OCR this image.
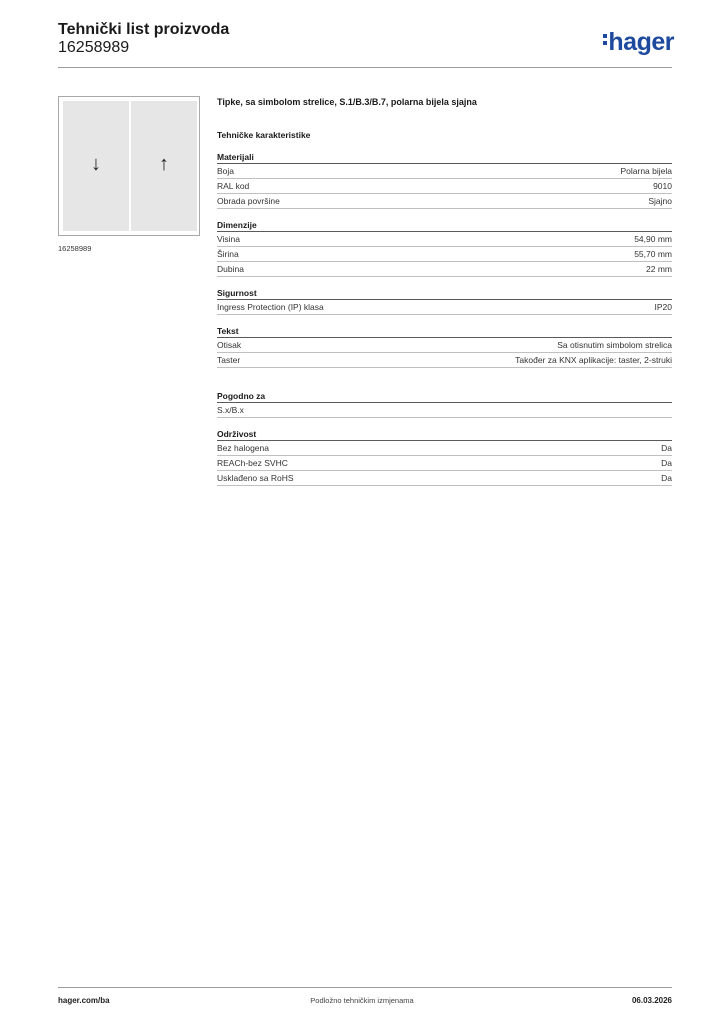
Tehnički list proizvoda
16258989	hager
↓	↑
16258989
Tipke, sa simbolom strelice, S.1/B.3/B.7, polarna bijela sjajna
Tehničke karakteristike
Materijali
Boja	Polarna bijela
RAL kod	9010
Obrada površine	Sjajno
Dimenzije
Visina	54,90 mm
Širina	55,70 mm
Dubina	22 mm
Sigurnost
Ingress Protection (IP) klasa	IP20
Tekst
Otisak	Sa otisnutim simbolom strelica
Taster	Također za KNX aplikacije: taster, 2-struki
Pogodno za
S.x/B.x
Održivost
Bez halogena	Da
REACh-bez SVHC	Da
Usklađeno sa RoHS	Da
hager.com/ba	Podložno tehničkim izmjenama	06.03.2026
